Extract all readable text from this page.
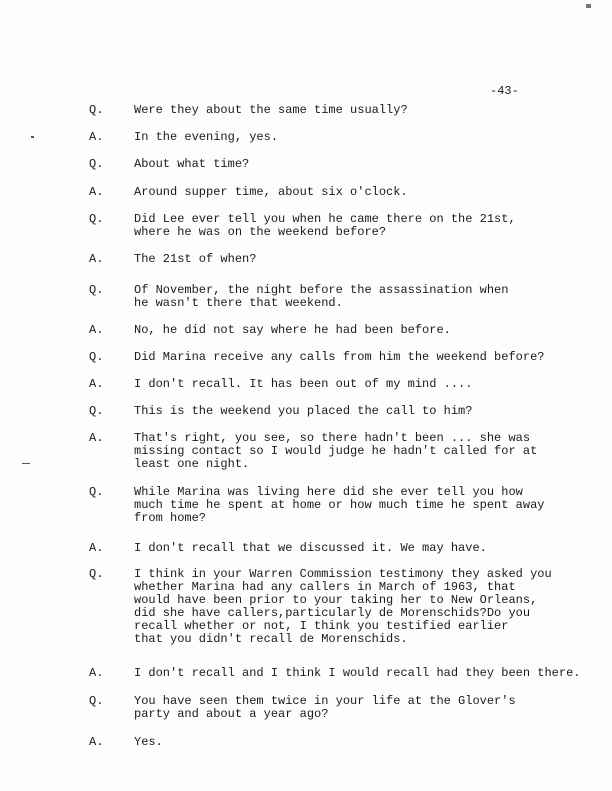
-43-
Q.	Were they about the same time usually?
A.	In the evening, yes.
Q.	About what time?
A.	Around supper time, about six o'clock.
Q.	Did Lee ever tell you when he came there on the 21st,
where he was on the weekend before?
A.	The 21st of when?
Q.	Of November, the night before the assassination when
he wasn't there that weekend.
A.	No, he did not say where he had been before.
Q.	Did Marina receive any calls from him the weekend before?
A.	I don't recall. It has been out of my mind ....
Q.	This is the weekend you placed the call to him?
A.	That's right, you see, so there hadn't been ... she was
missing contact so I would judge he hadn't called for at
least one night.
Q.	While Marina was living here did she ever tell you how
much time he spent at home or how much time he spent away
from home?
A.	I don't recall that we discussed it. We may have.
Q.	I think in your Warren Commission testimony they asked you
whether Marina had any callers in March of 1963, that
would have been prior to your taking her to New Orleans,
did she have callers,particularly de Morenschids?Do you
recall whether or not, I think you testified earlier
that you didn't recall de Morenschids.
A.	I don't recall and I think I would recall had they been there.
Q.	You have seen them twice in your life at the Glover's
party and about a year ago?
A.	Yes.
